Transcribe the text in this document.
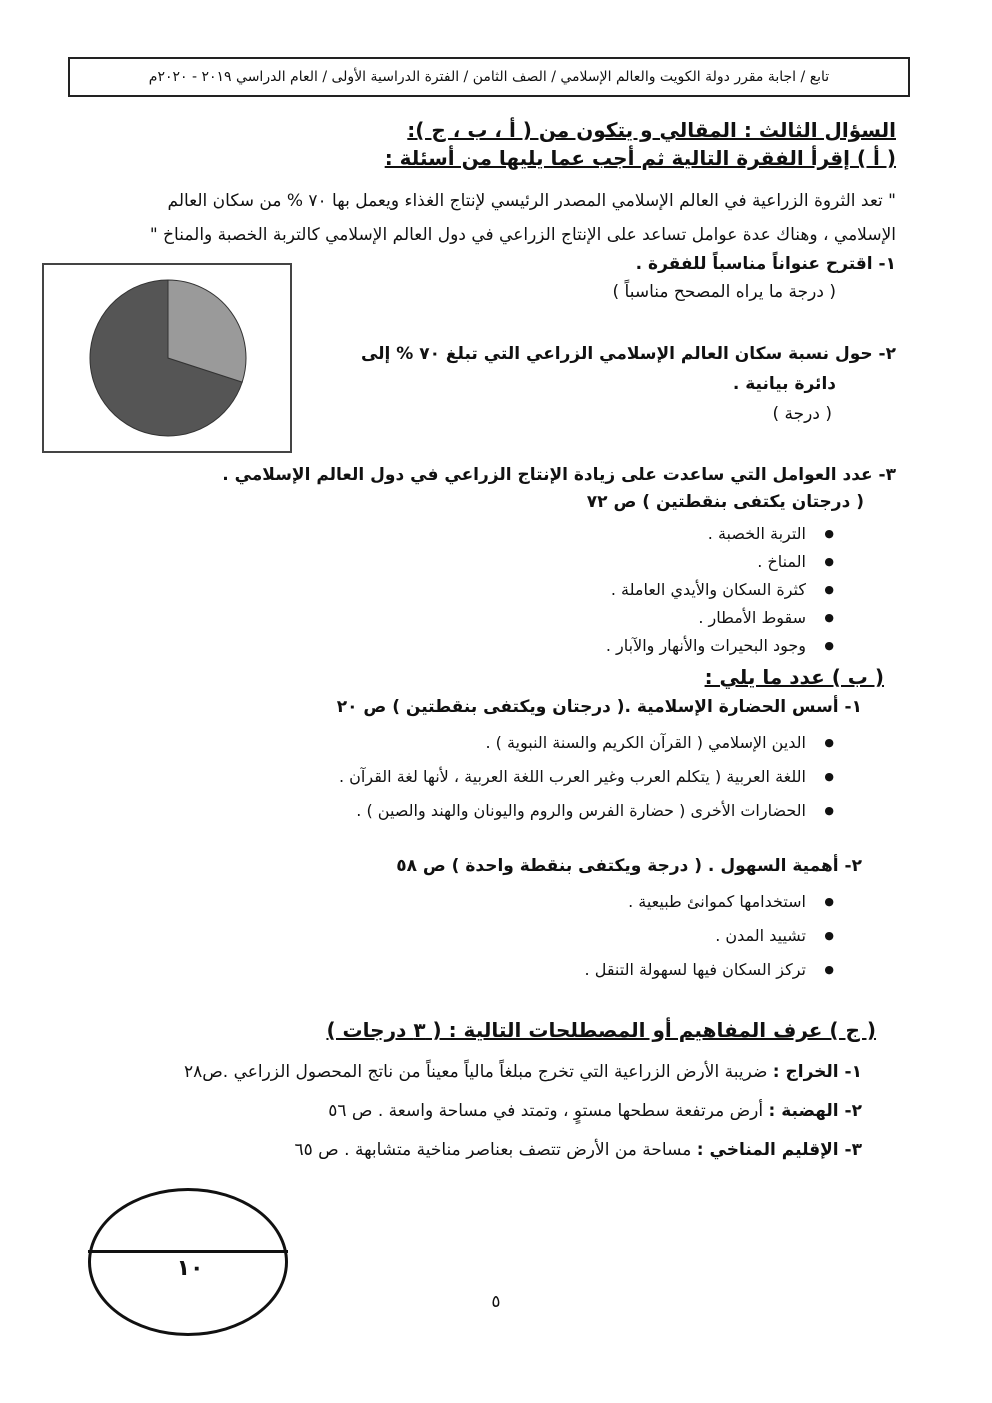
تابع / اجابة مقرر دولة الكويت والعالم الإسلامي / الصف الثامن / الفترة الدراسية الأولى / العام الدراسي ٢٠١٩ - ٢٠٢٠م
السؤال الثالث : المقالي و يتكون من ( أ ، ب ، ج ):
( أ ) إقرأ الفقرة التالية ثم أجب عما يليها من أسئلة :
" تعد الثروة الزراعية في العالم الإسلامي المصدر الرئيسي لإنتاج الغذاء ويعمل بها ٧٠ % من سكان العالم
الإسلامي ، وهناك عدة عوامل تساعد على الإنتاج الزراعي في دول العالم الإسلامي كالتربة الخصبة والمناخ "
١- اقترح عنواناً مناسباً للفقرة .
( درجة ما يراه المصحح مناسباً )
٢- حول نسبة سكان العالم الإسلامي الزراعي التي تبلغ ٧٠ % إلى
دائرة بيانية .
( درجة )
٣- عدد العوامل التي ساعدت على زيادة الإنتاج الزراعي في دول العالم الإسلامي .
( درجتان يكتفى بنقطتين ) ص ٧٢
● التربة الخصبة .
● المناخ .
● كثرة السكان والأيدي العاملة .
● سقوط الأمطار .
● وجود البحيرات والأنهار والآبار .
( ب ) عدد ما يلي :
١- أسس الحضارة الإسلامية .( درجتان ويكتفى بنقطتين ) ص ٢٠
● الدين الإسلامي ( القرآن الكريم والسنة النبوية ) .
● اللغة العربية ( يتكلم العرب وغير العرب اللغة العربية ، لأنها لغة القرآن .
● الحضارات الأخرى ( حضارة الفرس والروم واليونان والهند والصين ) .
٢- أهمية السهول . ( درجة ويكتفى بنقطة واحدة ) ص ٥٨
● استخدامها كموانئ طبيعية .
● تشييد المدن .
● تركز السكان فيها لسهولة التنقل .
( ج ) عرف المفاهيم أو المصطلحات التالية : ( ٣ درجات )
١- الخراج : ضريبة الأرض الزراعية التي تخرج مبلغاً مالياً معيناً من ناتج المحصول الزراعي .ص٢٨
٢- الهضبة : أرض مرتفعة سطحها مستوٍ ، وتمتد في مساحة واسعة . ص ٥٦
٣- الإقليم المناخي : مساحة من الأرض تتصف بعناصر مناخية متشابهة . ص ٦٥
١٠
٥
